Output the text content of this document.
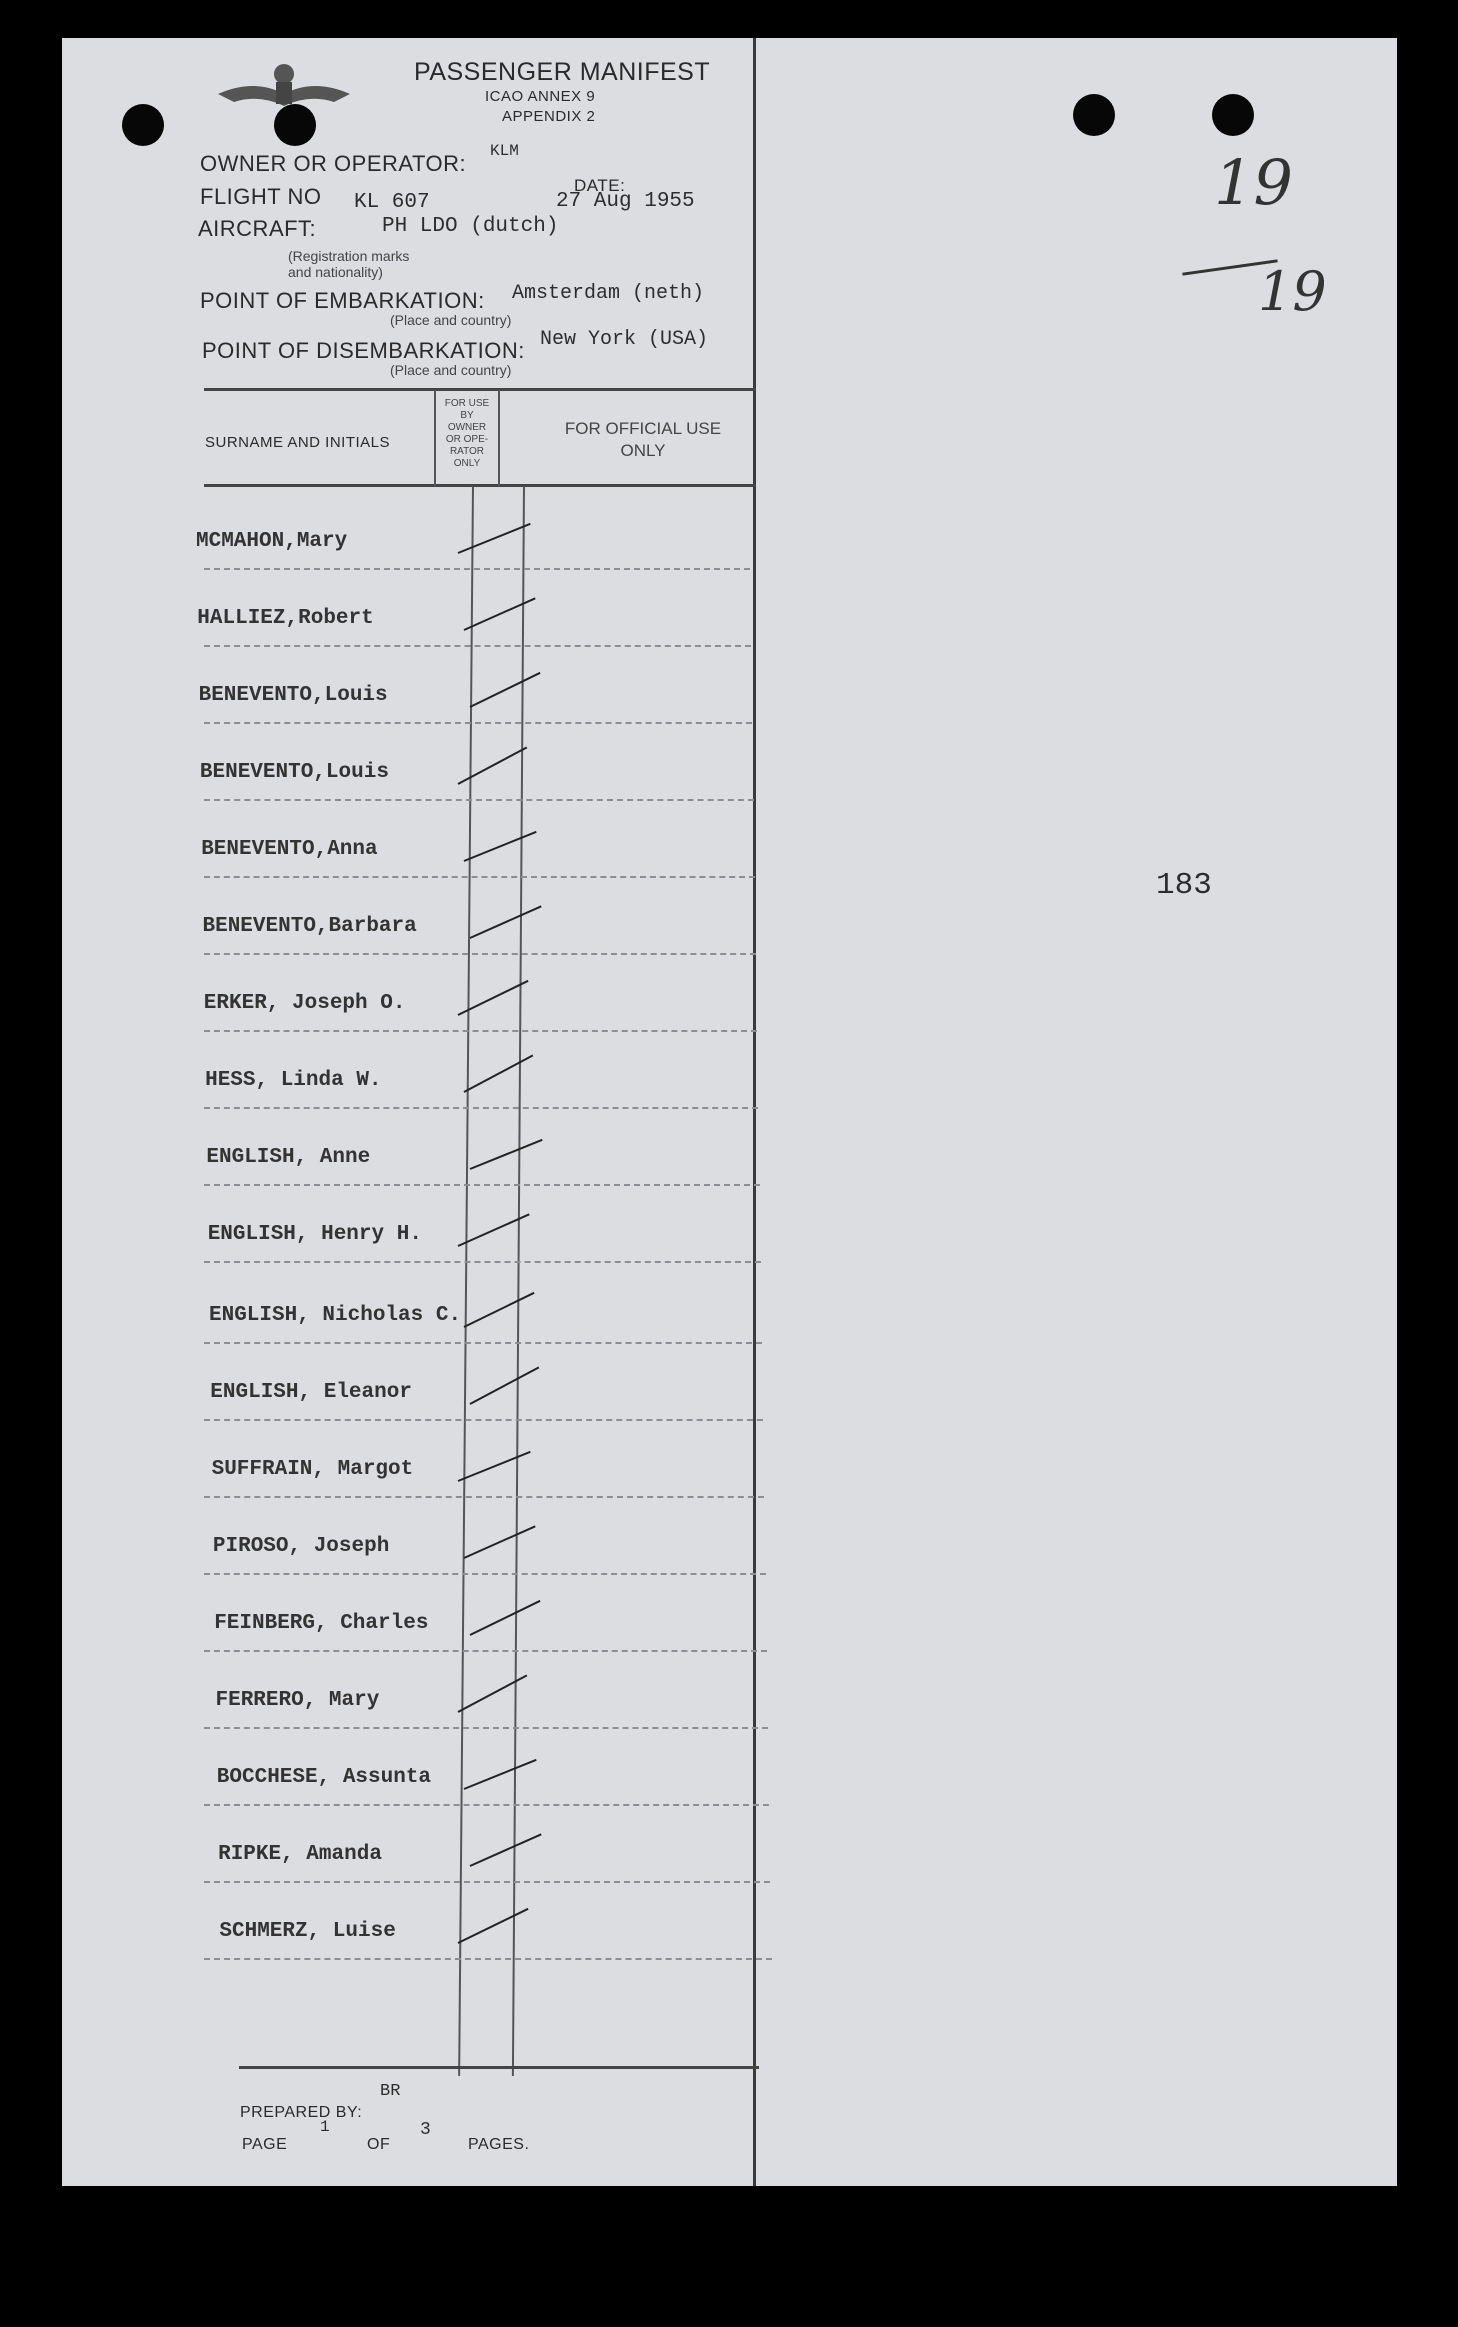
PASSENGER MANIFEST
ICAO ANNEX 9
APPENDIX 2
OWNER OR OPERATOR: KLM
FLIGHT NO KL 607
DATE:
27 Aug 1955
AIRCRAFT:	PH LDO (dutch)
(Registration marks
and nationality)
POINT OF EMBARKATION: Amsterdam (neth)
(Place and country)
POINT OF DISEMBARKATION: New York (USA)
(Place and country)
SURNAME AND INITIALS
FOR USE
BY
OWNER
OR OPE-
RATOR
ONLY
FOR OFFICIAL USE
ONLY
MCMAHON,Mary
HALLIEZ,Robert
BENEVENTO,Louis
BENEVENTO,Louis
BENEVENTO,Anna
BENEVENTO,Barbara
ERKER, Joseph O.
HESS, Linda W.
ENGLISH, Anne
ENGLISH, Henry H.
ENGLISH, Nicholas C.
ENGLISH, Eleanor
SUFFRAIN, Margot
PIROSO, Joseph
FEINBERG, Charles
FERRERO, Mary
BOCCHESE, Assunta
RIPKE, Amanda
SCHMERZ, Luise
PREPARED BY:
BR
PAGE
1
OF
3
PAGES.
19
19
183
